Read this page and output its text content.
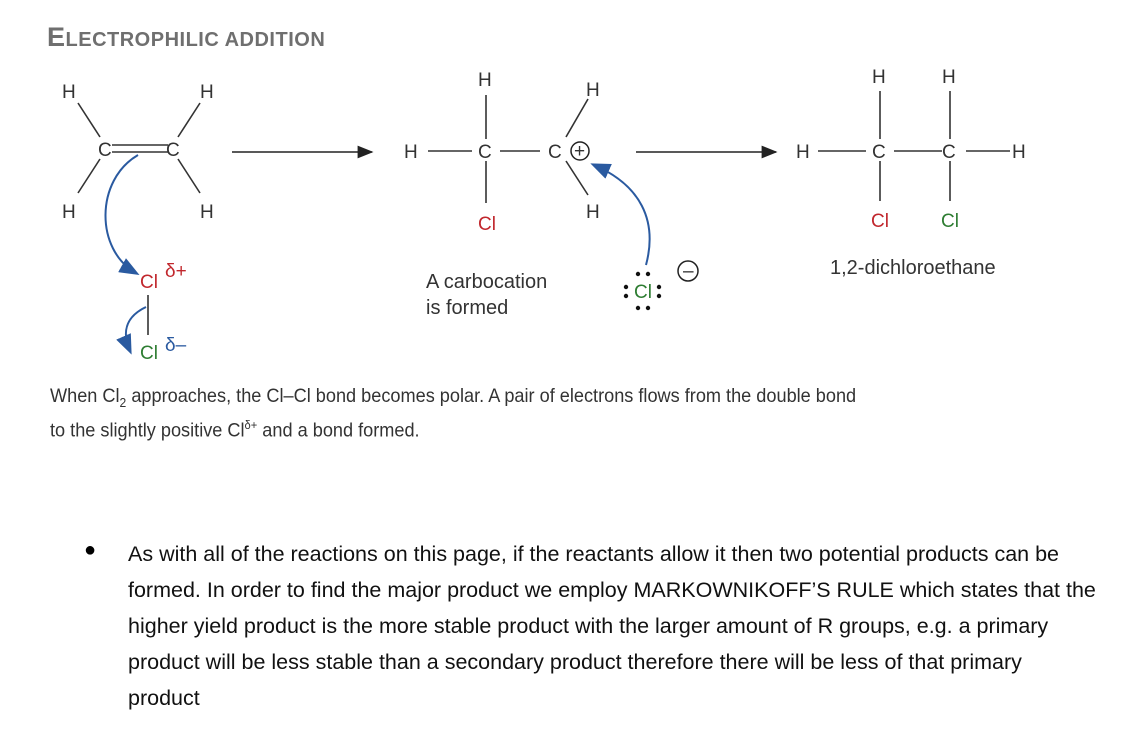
ELECTROPHILIC ADDITION
H	H
H	H
C	C
Cl
δ+
Cl δ–
H
H	C
Cl
C +
H
H
A carbocation
is formed
Cl
–
H	H
H	C	C	H
Cl	Cl
1,2-dichloroethane
When $Cl_2$ approaches, the Cl–Cl bond becomes polar. A pair of electrons flows from the double bond
to the slightly positive $Cl^{\delta+}$ and a bond formed.
● As with all of the reactions on this page, if the reactants allow it then two potential products can be formed. In order to find the major product we employ MARKOWNIKOFF’S RULE which states that the higher yield product is the more stable product with the larger amount of R groups, e.g. a primary product will be less stable than a secondary product therefore there will be less of that primary product
